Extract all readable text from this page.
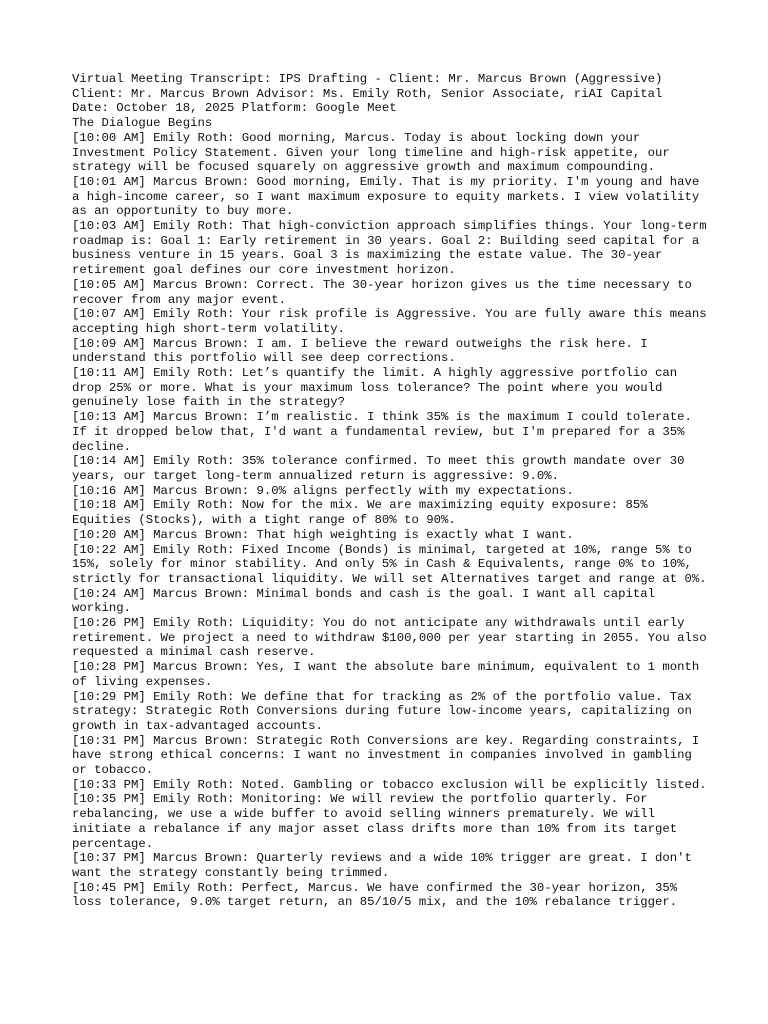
Virtual Meeting Transcript: IPS Drafting - Client: Mr. Marcus Brown (Aggressive)
Client: Mr. Marcus Brown Advisor: Ms. Emily Roth, Senior Associate, riAI Capital
Date: October 18, 2025 Platform: Google Meet
The Dialogue Begins
[10:00 AM] Emily Roth: Good morning, Marcus. Today is about locking down your Investment Policy Statement. Given your long timeline and high-risk appetite, our strategy will be focused squarely on aggressive growth and maximum compounding.
[10:01 AM] Marcus Brown: Good morning, Emily. That is my priority. I'm young and have a high-income career, so I want maximum exposure to equity markets. I view volatility as an opportunity to buy more.
[10:03 AM] Emily Roth: That high-conviction approach simplifies things. Your long-term roadmap is: Goal 1: Early retirement in 30 years. Goal 2: Building seed capital for a business venture in 15 years. Goal 3 is maximizing the estate value. The 30-year retirement goal defines our core investment horizon.
[10:05 AM] Marcus Brown: Correct. The 30-year horizon gives us the time necessary to recover from any major event.
[10:07 AM] Emily Roth: Your risk profile is Aggressive. You are fully aware this means accepting high short-term volatility.
[10:09 AM] Marcus Brown: I am. I believe the reward outweighs the risk here. I understand this portfolio will see deep corrections.
[10:11 AM] Emily Roth: Let’s quantify the limit. A highly aggressive portfolio can drop 25% or more. What is your maximum loss tolerance? The point where you would genuinely lose faith in the strategy?
[10:13 AM] Marcus Brown: I’m realistic. I think 35% is the maximum I could tolerate. If it dropped below that, I'd want a fundamental review, but I'm prepared for a 35% decline.
[10:14 AM] Emily Roth: 35% tolerance confirmed. To meet this growth mandate over 30 years, our target long-term annualized return is aggressive: 9.0%.
[10:16 AM] Marcus Brown: 9.0% aligns perfectly with my expectations.
[10:18 AM] Emily Roth: Now for the mix. We are maximizing equity exposure: 85% Equities (Stocks), with a tight range of 80% to 90%.
[10:20 AM] Marcus Brown: That high weighting is exactly what I want.
[10:22 AM] Emily Roth: Fixed Income (Bonds) is minimal, targeted at 10%, range 5% to 15%, solely for minor stability. And only 5% in Cash & Equivalents, range 0% to 10%, strictly for transactional liquidity. We will set Alternatives target and range at 0%.
[10:24 AM] Marcus Brown: Minimal bonds and cash is the goal. I want all capital working.
[10:26 PM] Emily Roth: Liquidity: You do not anticipate any withdrawals until early retirement. We project a need to withdraw $100,000 per year starting in 2055. You also requested a minimal cash reserve.
[10:28 PM] Marcus Brown: Yes, I want the absolute bare minimum, equivalent to 1 month of living expenses.
[10:29 PM] Emily Roth: We define that for tracking as 2% of the portfolio value. Tax strategy: Strategic Roth Conversions during future low-income years, capitalizing on growth in tax-advantaged accounts.
[10:31 PM] Marcus Brown: Strategic Roth Conversions are key. Regarding constraints, I have strong ethical concerns: I want no investment in companies involved in gambling or tobacco.
[10:33 PM] Emily Roth: Noted. Gambling or tobacco exclusion will be explicitly listed.
[10:35 PM] Emily Roth: Monitoring: We will review the portfolio quarterly. For rebalancing, we use a wide buffer to avoid selling winners prematurely. We will initiate a rebalance if any major asset class drifts more than 10% from its target percentage.
[10:37 PM] Marcus Brown: Quarterly reviews and a wide 10% trigger are great. I don't want the strategy constantly being trimmed.
[10:45 PM] Emily Roth: Perfect, Marcus. We have confirmed the 30-year horizon, 35% loss tolerance, 9.0% target return, an 85/10/5 mix, and the 10% rebalance trigger.
